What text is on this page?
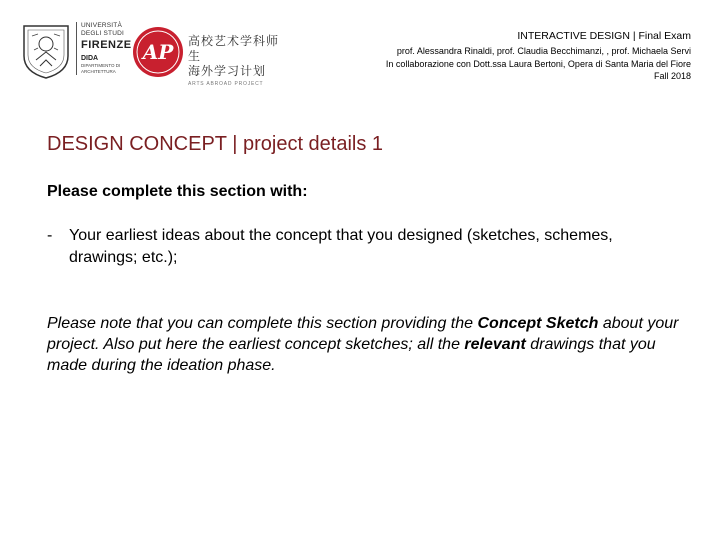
UNIVERSITÀ
DEGLI STUDI
FIRENZE
DIDA
DIPARTIMENTO DI
ARCHITETTURA
AP 高校艺术学科师生
海外学习计划
ARTS ABROAD PROJECT
INTERACTIVE DESIGN | Final Exam
prof. Alessandra Rinaldi, prof. Claudia Becchimanzi, , prof. Michaela Servi
In collaborazione con Dott.ssa Laura Bertoni, Opera di Santa Maria del Fiore
Fall 2018
DESIGN CONCEPT | project details 1

Please complete this section with:

-	Your earliest ideas about the concept that you designed (sketches, schemes, drawings; etc.);

Please note that you can complete this section providing the Concept Sketch about your project. Also put here the earliest concept sketches; all the relevant drawings that you made during the ideation phase.
